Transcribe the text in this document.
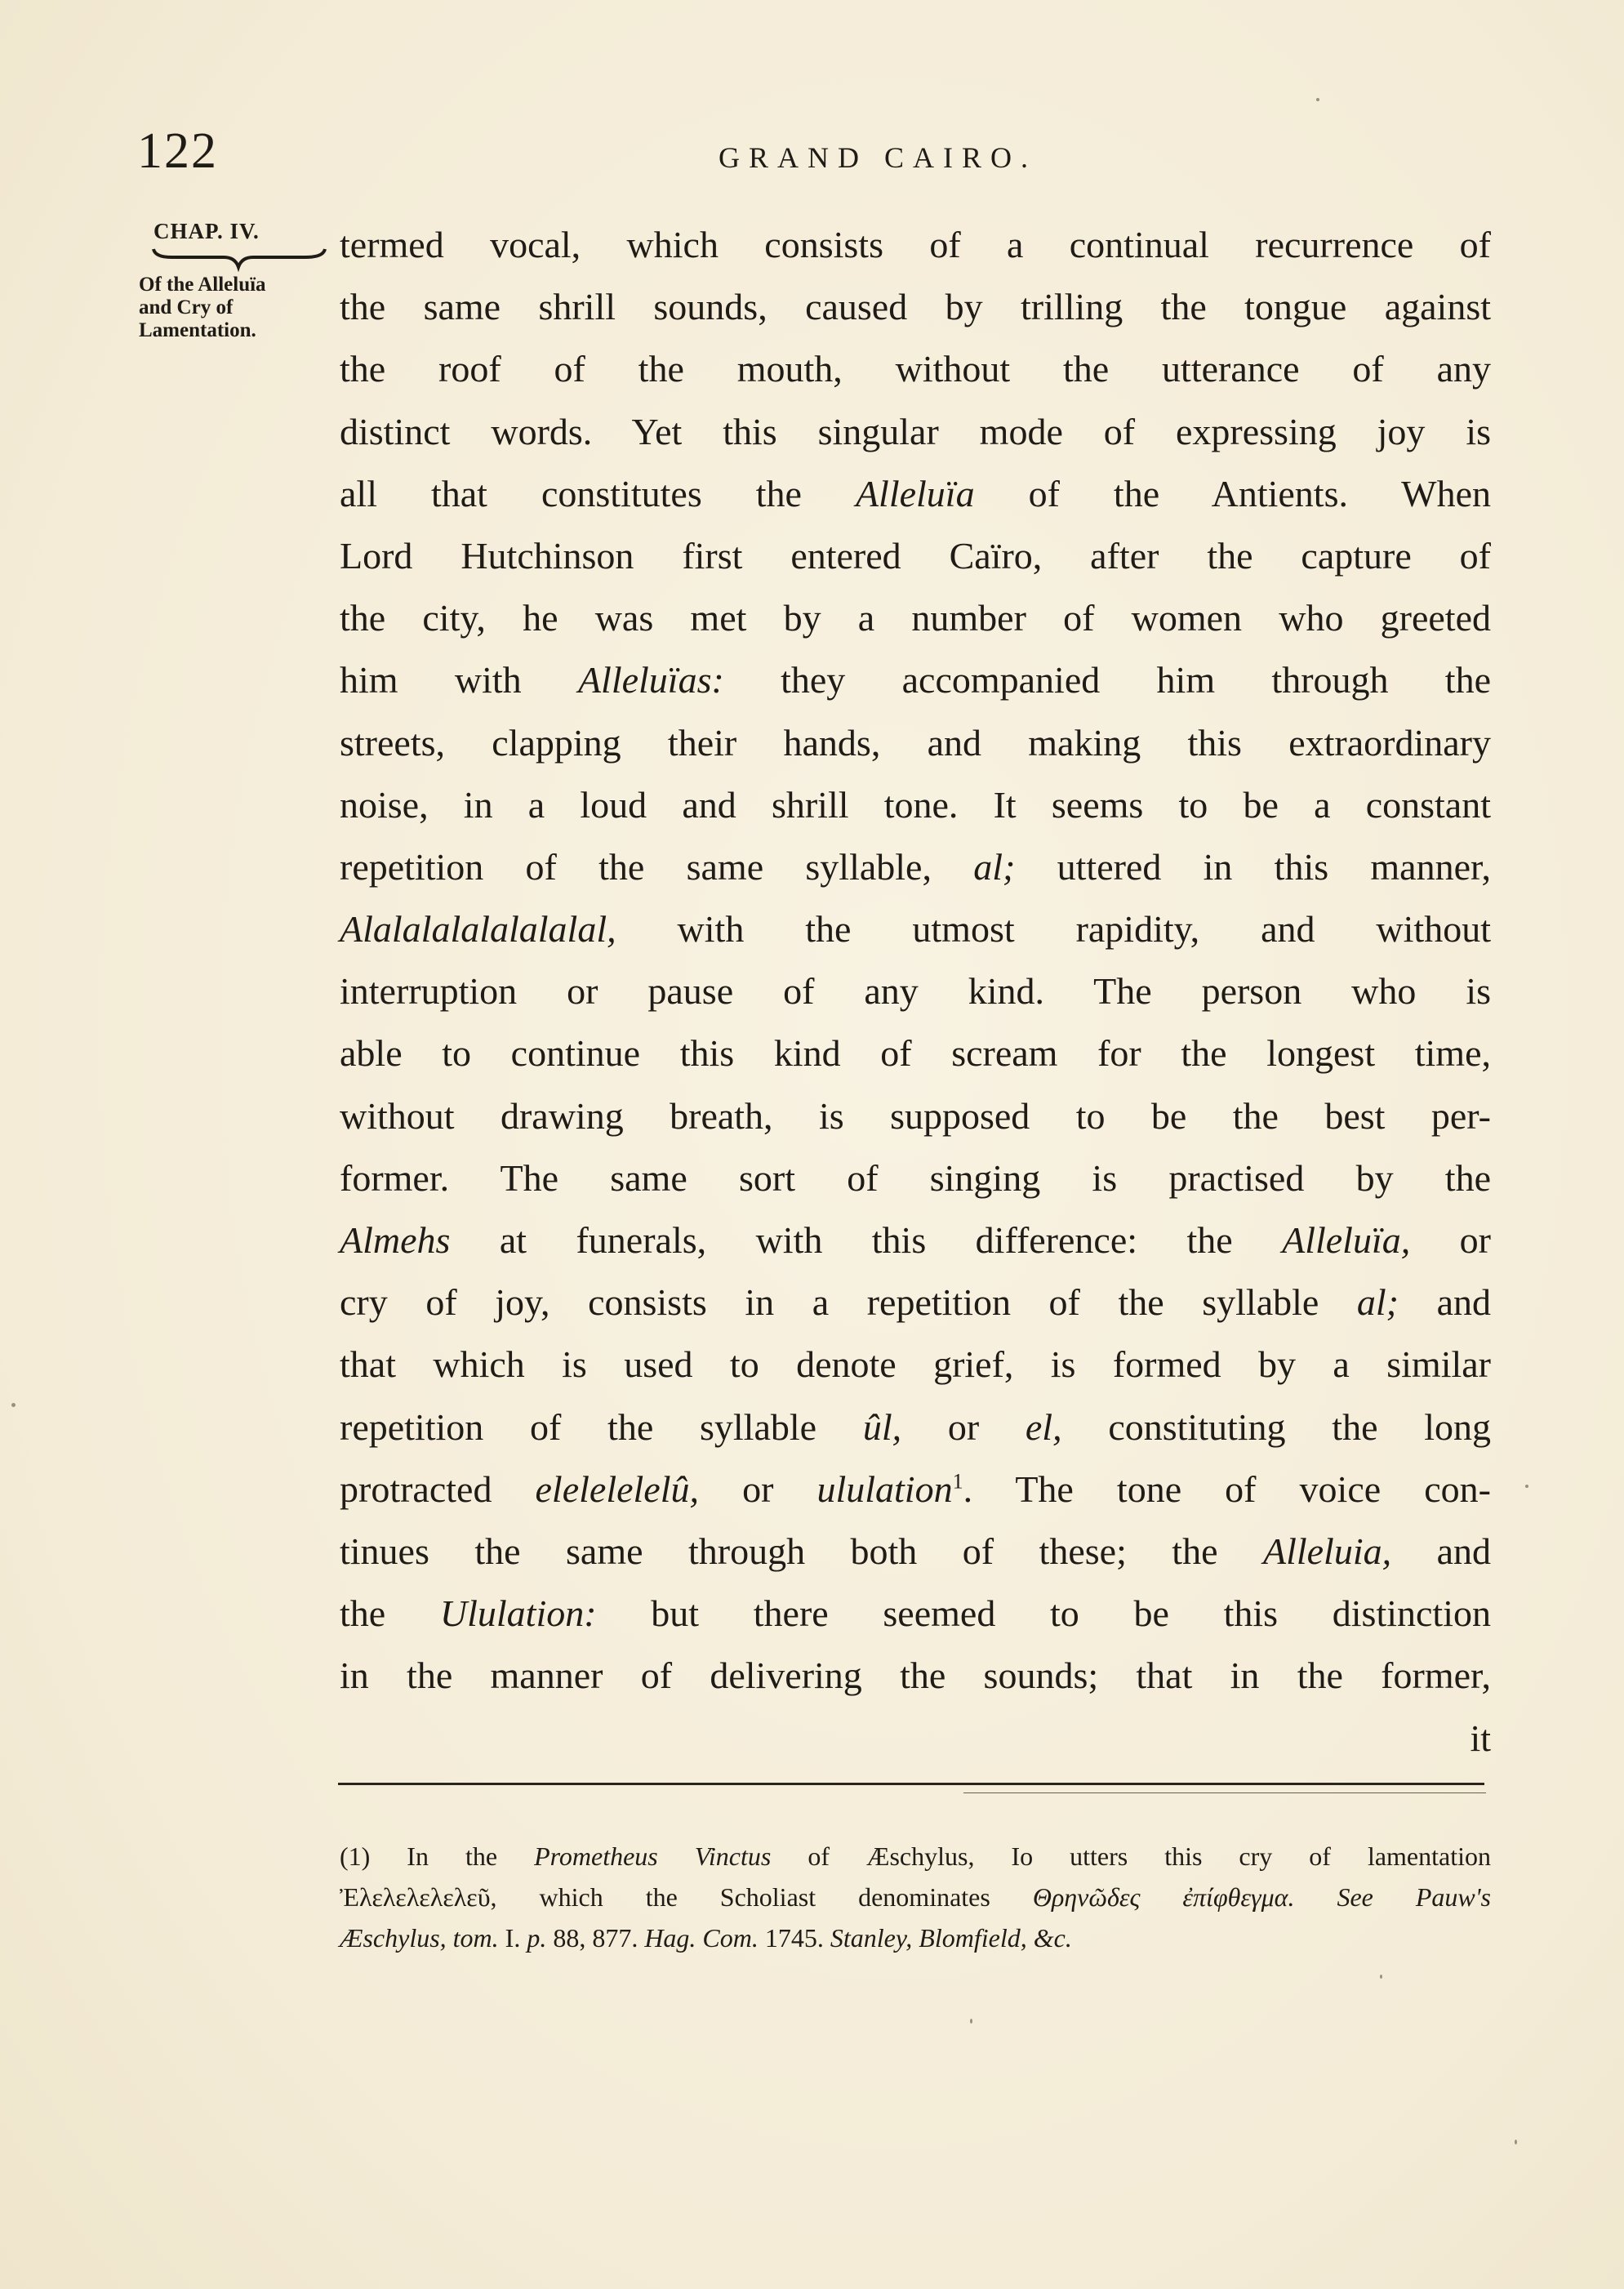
122	GRAND CAIRO.
CHAP. IV.
Of the Alleluïa
and Cry of
Lamentation.
termed vocal, which consists of a continual recurrence of
the same shrill sounds, caused by trilling the tongue against
the roof of the mouth, without the utterance of any
distinct words. Yet this singular mode of expressing joy is
all that constitutes the Alleluïa of the Antients. When
Lord Hutchinson first entered Caïro, after the capture of
the city, he was met by a number of women who greeted
him with Alleluïas: they accompanied him through the
streets, clapping their hands, and making this extraordinary
noise, in a loud and shrill tone. It seems to be a constant
repetition of the same syllable, al; uttered in this manner,
Alalalalalalalalal, with the utmost rapidity, and without
interruption or pause of any kind. The person who is
able to continue this kind of scream for the longest time,
without drawing breath, is supposed to be the best per-
former. The same sort of singing is practised by the
Almehs at funerals, with this difference: the Alleluïa, or
cry of joy, consists in a repetition of the syllable al; and
that which is used to denote grief, is formed by a similar
repetition of the syllable ûl, or el, constituting the long
protracted elelelelelû, or ululation$^1$. The tone of voice con-
tinues the same through both of these; the Alleluia, and
the Ululation: but there seemed to be this distinction
in the manner of delivering the sounds; that in the former,
it
(1) In the Prometheus Vinctus of Æschylus, Io utters this cry of lamentation
Ἐλελελελελεῦ, which the Scholiast denominates Θρηνῶδες ἐπίφθεγμα. See Pauw's
Æschylus, tom. I. p. 88, 877. Hag. Com. 1745. Stanley, Blomfield, &c.
